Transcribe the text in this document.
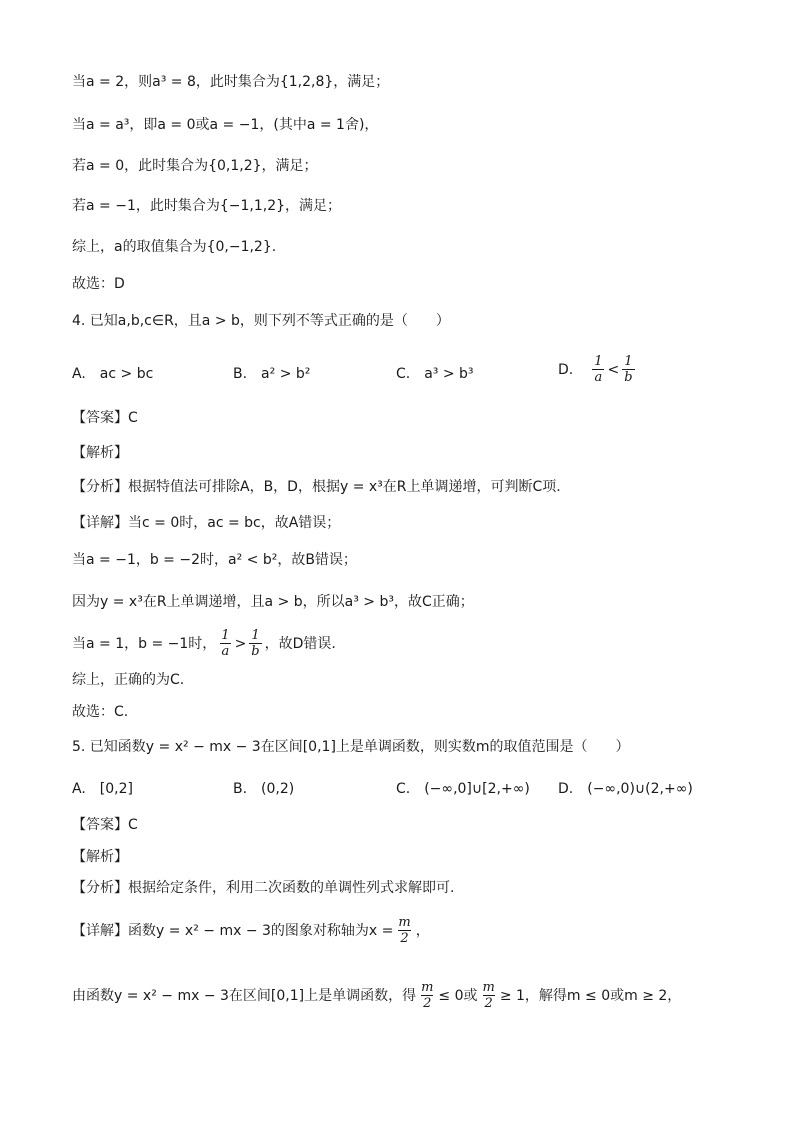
当a = 2，则a³ = 8，此时集合为{1,2,8}，满足；
当a = a³，即a = 0或a = −1，(其中a = 1舍)，
若a = 0，此时集合为{0,1,2}，满足；
若a = −1，此时集合为{−1,1,2}，满足；
综上，a的取值集合为{0,−1,2}.
故选：D
4. 已知a,b,c∈R，且a > b，则下列不等式正确的是（　　）
A.　ac > bc	B.　a² > b²	C.　a³ > b³	D. $\frac{1}{a} < \frac{1}{b}$
【答案】C
【解析】
【分析】根据特值法可排除A，B，D，根据y = x³在R上单调递增，可判断C项.
【详解】当c = 0时，ac = bc，故A错误；
当a = −1，b = −2时，a² < b²，故B错误；
因为y = x³在R上单调递增，且a > b，所以a³ > b³，故C正确；
当a = 1，b = −1时， $\frac{1}{a} > \frac{1}{b}$ ，故D错误.
综上，正确的为C.
故选：C.
5. 已知函数y = x² − mx − 3在区间[0,1]上是单调函数，则实数m的取值范围是（　　）
A.　[0,2]	B.　(0,2)	C.　(−∞,0]∪[2,+∞) D.　(−∞,0)∪(2,+∞)
【答案】C
【解析】
【分析】根据给定条件，利用二次函数的单调性列式求解即可.
【详解】函数y = x² − mx − 3的图象对称轴为$x = \frac{m}{2}$ ，
由函数y = x² − mx − 3在区间[0,1]上是单调函数，得 $\frac{m}{2} \le 0$或 $\frac{m}{2} \ge 1$，解得m ≤ 0或m ≥ 2，
